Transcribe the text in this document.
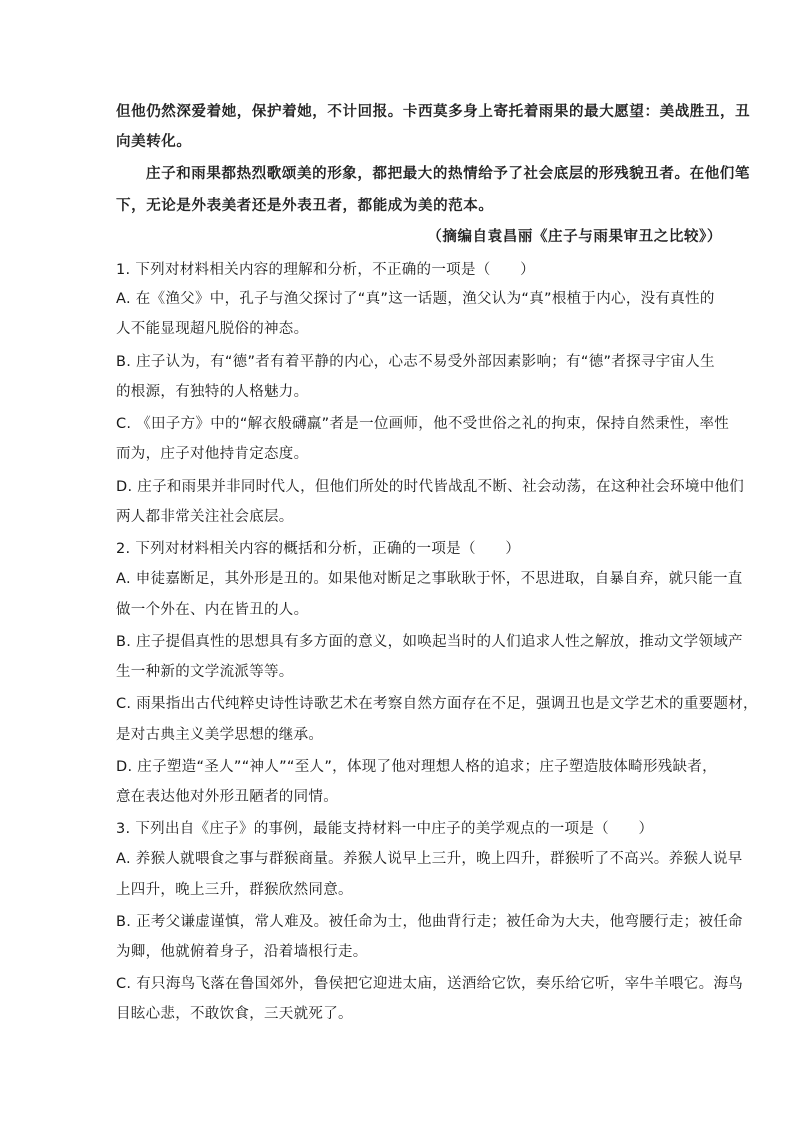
但他仍然深爱着她，保护着她，不计回报。卡西莫多身上寄托着雨果的最大愿望：美战胜丑，丑
向美转化。
庄子和雨果都热烈歌颂美的形象，都把最大的热情给予了社会底层的形残貌丑者。在他们笔
下，无论是外表美者还是外表丑者，都能成为美的范本。
（摘编自袁昌丽《庄子与雨果审丑之比较》）
1. 下列对材料相关内容的理解和分析，不正确的一项是（　　）
A. 在《渔父》中，孔子与渔父探讨了“真”这一话题，渔父认为“真”根植于内心，没有真性的
人不能显现超凡脱俗的神态。
B. 庄子认为，有“德”者有着平静的内心，心志不易受外部因素影响；有“德”者探寻宇宙人生
的根源，有独特的人格魅力。
C. 《田子方》中的“解衣般礴羸”者是一位画师，他不受世俗之礼的拘束，保持自然秉性，率性
而为，庄子对他持肯定态度。
D. 庄子和雨果并非同时代人，但他们所处的时代皆战乱不断、社会动荡，在这种社会环境中他们
两人都非常关注社会底层。
2. 下列对材料相关内容的概括和分析，正确的一项是（　　）
A. 申徒嘉断足，其外形是丑的。如果他对断足之事耿耿于怀，不思进取，自暴自弃，就只能一直
做一个外在、内在皆丑的人。
B. 庄子提倡真性的思想具有多方面的意义，如唤起当时的人们追求人性之解放，推动文学领域产
生一种新的文学流派等等。
C. 雨果指出古代纯粹史诗性诗歌艺术在考察自然方面存在不足，强调丑也是文学艺术的重要题材，
是对古典主义美学思想的继承。
D. 庄子塑造“圣人”“神人”“至人”，体现了他对理想人格的追求；庄子塑造肢体畸形残缺者，
意在表达他对外形丑陋者的同情。
3. 下列出自《庄子》的事例，最能支持材料一中庄子的美学观点的一项是（　　）
A. 养猴人就喂食之事与群猴商量。养猴人说早上三升，晚上四升，群猴听了不高兴。养猴人说早
上四升，晚上三升，群猴欣然同意。
B. 正考父谦虚谨慎，常人难及。被任命为士，他曲背行走；被任命为大夫，他弯腰行走；被任命
为卿，他就俯着身子，沿着墙根行走。
C. 有只海鸟飞落在鲁国郊外，鲁侯把它迎进太庙，送酒给它饮，奏乐给它听，宰牛羊喂它。海鸟
目眩心悲，不敢饮食，三天就死了。
